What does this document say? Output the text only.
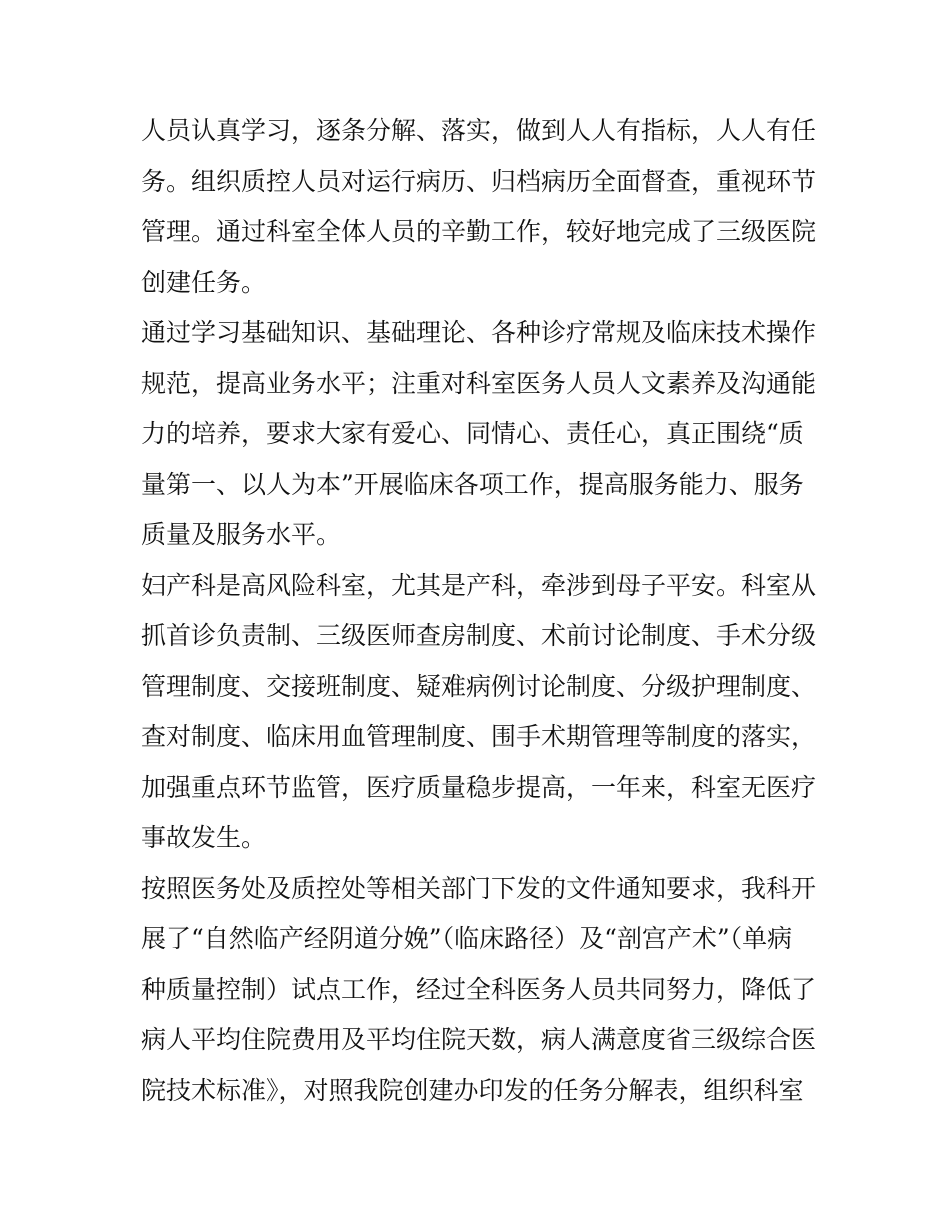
人员认真学习，逐条分解、落实，做到人人有指标，人人有任
务。组织质控人员对运行病历、归档病历全面督查，重视环节
管理。通过科室全体人员的辛勤工作，较好地完成了三级医院
创建任务。
通过学习基础知识、基础理论、各种诊疗常规及临床技术操作
规范，提高业务水平；注重对科室医务人员人文素养及沟通能
力的培养，要求大家有爱心、同情心、责任心，真正围绕“质
量第一、以人为本”开展临床各项工作，提高服务能力、服务
质量及服务水平。
妇产科是高风险科室，尤其是产科，牵涉到母子平安。科室从
抓首诊负责制、三级医师查房制度、术前讨论制度、手术分级
管理制度、交接班制度、疑难病例讨论制度、分级护理制度、
查对制度、临床用血管理制度、围手术期管理等制度的落实，
加强重点环节监管，医疗质量稳步提高，一年来，科室无医疗
事故发生。
按照医务处及质控处等相关部门下发的文件通知要求，我科开
展了“自然临产经阴道分娩”（临床路径）及“剖宫产术”（单病
种质量控制）试点工作，经过全科医务人员共同努力，降低了
病人平均住院费用及平均住院天数，病人满意度省三级综合医
院技术标准》，对照我院创建办印发的任务分解表，组织科室
